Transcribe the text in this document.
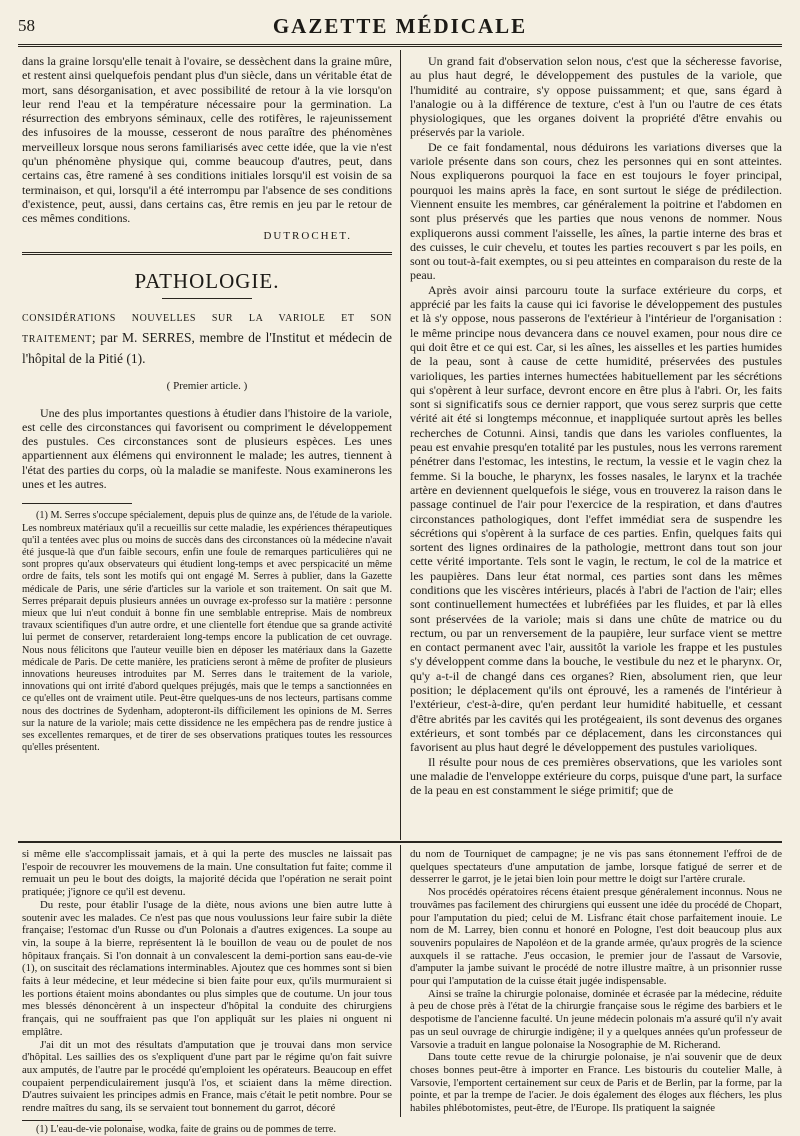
58	GAZETTE MÉDICALE

dans la graine lorsqu'elle tenait à l'ovaire, se dessèchent dans la graine mûre, et restent ainsi quelquefois pendant plus d'un siècle, dans un véritable état de mort, sans désorganisation, et avec possibilité de retour à la vie lorsqu'on leur rend l'eau et la température nécessaire pour la germination. La résurrection des embryons séminaux, celle des rotifères, le rajeunissement des infusoires de la mousse, cesseront de nous paraître des phénomènes merveilleux lorsque nous serons familiarisés avec cette idée, que la vie n'est qu'un phénomène physique qui, comme beaucoup d'autres, peut, dans certains cas, être ramené à ses conditions initiales lorsqu'il est voisin de sa terminaison, et qui, lorsqu'il a été interrompu par l'absence de ses conditions d'existence, peut, aussi, dans certains cas, être remis en jeu par le retour de ces mêmes conditions.

DUTROCHET.
PATHOLOGIE.

CONSIDÉRATIONS NOUVELLES SUR LA VARIOLE ET SON TRAITEMENT; par M. SERRES, membre de l'Institut et médecin de l'hôpital de la Pitié (1).

( Premier article. )

Une des plus importantes questions à étudier dans l'histoire de la variole, est celle des circonstances qui favorisent ou compriment le développement des pustules. Ces circonstances sont de plusieurs espèces. Les unes appartiennent aux élémens qui environnent le malade; les autres, tiennent à l'état des parties du corps, où la maladie se manifeste. Nous examinerons les unes et les autres.

(1) M. Serres s'occupe spécialement, depuis plus de quinze ans, de l'étude de la variole. Les nombreux matériaux qu'il a recueillis sur cette maladie, les expériences thérapeutiques qu'il a tentées avec plus ou moins de succès dans des circonstances où la médecine n'avait été jusque-là que d'un faible secours, enfin une foule de remarques particulières qui ne sont propres qu'aux observateurs qui étudient long-temps et avec perspicacité un même ordre de faits, tels sont les motifs qui ont engagé M. Serres à publier, dans la Gazette médicale de Paris, une série d'articles sur la variole et son traitement. On sait que M. Serres préparait depuis plusieurs années un ouvrage ex-professo sur la matière : personne mieux que lui n'eut conduit à bonne fin une semblable entreprise. Mais de nombreux travaux scientifiques d'un autre ordre, et une clientelle fort étendue que sa grande activité lui permet de conserver, retarderaient long-temps encore la publication de cet ouvrage. Nous nous félicitons que l'auteur veuille bien en déposer les matériaux dans la Gazette médicale de Paris. De cette manière, les praticiens seront à même de profiter de plusieurs innovations heureuses introduites par M. Serres dans le traitement de la variole, innovations qui ont irrité d'abord quelques préjugés, mais que le temps a sanctionnées en ce qu'elles ont de vraiment utile. Peut-être quelques-uns de nos lecteurs, partisans comme nous des doctrines de Sydenham, adopteront-ils difficilement les opinions de M. Serres sur la nature de la variole; mais cette dissidence ne les empêchera pas de rendre justice à ses excellentes remarques, et de tirer de ses observations pratiques toutes les ressources qu'elles présentent.

Un grand fait d'observation selon nous, c'est que la sécheresse favorise, au plus haut degré, le développement des pustules de la variole, que l'humidité au contraire, s'y oppose puissamment; et que, sans égard à l'analogie ou à la différence de texture, c'est à l'un ou l'autre de ces états physiologiques, que les organes doivent la propriété d'être envahis ou préservés par la variole.

De ce fait fondamental, nous déduirons les variations diverses que la variole présente dans son cours, chez les personnes qui en sont atteintes. Nous expliquerons pourquoi la face en est toujours le foyer principal, pourquoi les mains après la face, en sont surtout le siége de prédilection. Viennent ensuite les membres, car généralement la poitrine et l'abdomen en sont plus préservés que les parties que nous venons de nommer. Nous expliquerons aussi comment l'aisselle, les aînes, la partie interne des bras et des cuisses, le cuir chevelu, et toutes les parties recouvert s par les poils, en sont ou tout-à-fait exemptes, ou si peu atteintes en comparaison du reste de la peau.

Après avoir ainsi parcouru toute la surface extérieure du corps, et apprécié par les faits la cause qui ici favorise le développement des pustules et là s'y oppose, nous passerons de l'extérieur à l'intérieur de l'organisation : le même principe nous devancera dans ce nouvel examen, pour nous dire ce qui doit être et ce qui est. Car, si les aînes, les aisselles et les parties humides de la peau, sont à cause de cette humidité, préservées des pustules varioliques, les parties internes humectées habituellement par les sécrétions qui s'opèrent à leur surface, devront encore en être plus à l'abri. Or, les faits sont si significatifs sous ce dernier rapport, que vous serez surpris que cette vérité ait été si longtemps méconnue, et inappliquée surtout après les belles recherches de Cotunni. Ainsi, tandis que dans les varioles confluentes, la peau est envahie presqu'en totalité par les pustules, nous les verrons rarement pénétrer dans l'estomac, les intestins, le rectum, la vessie et le vagin chez la femme. Si la bouche, le pharynx, les fosses nasales, le larynx et la trachée artère en deviennent quelquefois le siége, vous en trouverez la raison dans le passage continuel de l'air pour l'exercice de la respiration, et dans d'autres circonstances pathologiques, dont l'effet immédiat sera de suspendre les sécrétions qui s'opèrent à la surface de ces parties. Enfin, quelques faits qui sortent des lignes ordinaires de la pathologie, mettront dans tout son jour cette vérité importante. Tels sont le vagin, le rectum, le col de la matrice et les paupières. Dans leur état normal, ces parties sont dans les mêmes conditions que les viscères intérieurs, placés à l'abri de l'action de l'air; elles sont continuellement humectées et lubréfiées par les fluides, et par là elles sont préservées de la variole; mais si dans une chûte de matrice ou du rectum, ou par un renversement de la paupière, leur surface vient se mettre en contact permanent avec l'air, aussitôt la variole les frappe et les pustules s'y développent comme dans la bouche, le vestibule du nez et le pharynx. Or, qu'y a-t-il de changé dans ces organes? Rien, absolument rien, que leur position; le déplacement qu'ils ont éprouvé, les a ramenés de l'intérieur à l'extérieur, c'est-à-dire, qu'en perdant leur humidité habituelle, et cessant d'être abrités par les cavités qui les protégeaient, ils sont devenus des organes extérieurs, et sont tombés par ce déplacement, dans les circonstances qui favorisent au plus haut degré le développement des pustules varioliques.

Il résulte pour nous de ces premières observations, que les varioles sont une maladie de l'enveloppe extérieure du corps, puisque d'une part, la surface de la peau en est constamment le siége primitif; que de

si même elle s'accomplissait jamais, et à qui la perte des muscles ne laissait pas l'espoir de recouvrer les mouvemens de la main. Une consultation fut faite; comme il remuait un peu le bout des doigts, la majorité décida que l'opération ne serait point pratiquée; j'ignore ce qu'il est devenu.

Du reste, pour établir l'usage de la diète, nous avions une bien autre lutte à soutenir avec les malades. Ce n'est pas que nous voulussions leur faire subir la diète française; l'estomac d'un Russe ou d'un Polonais a d'autres exigences. La soupe au vin, la soupe à la bierre, représentent là le bouillon de veau ou de poulet de nos hôpitaux français. Si l'on donnait à un convalescent la demi-portion sans eau-de-vie (1), on suscitait des réclamations interminables. Ajoutez que ces hommes sont si bien faits à leur médecine, et leur médecine si bien faite pour eux, qu'ils murmuraient si les portions étaient moins abondantes ou plus simples que de coutume. Un jour tous mes blessés dénoncèrent à un inspecteur d'hôpital la conduite des chirurgiens français, qui ne souffraient pas que l'on appliquât sur les plaies ni onguent ni emplâtre.

J'ai dit un mot des résultats d'amputation que je trouvai dans mon service d'hôpital. Les saillies des os s'expliquent d'une part par le régime qu'on fait suivre aux amputés, de l'autre par le procédé qu'emploient les opérateurs. Beaucoup en effet coupaient perpendiculairement jusqu'à l'os, et sciaient dans la même direction. D'autres suivaient les principes admis en France, mais c'était le petit nombre. Pour se rendre maîtres du sang, ils se servaient tout bonnement du garrot, décoré

(1) L'eau-de-vie polonaise, wodka, faite de grains ou de pommes de terre.

du nom de Tourniquet de campagne; je ne vis pas sans étonnement l'effroi de de quelques spectateurs d'une amputation de jambe, lorsque fatigué de serrer et de desserrer le garrot, je le jetai bien loin pour mettre le doigt sur l'artère crurale.

Nos procédés opératoires récens étaient presque généralement inconnus. Nous ne trouvâmes pas facilement des chirurgiens qui eussent une idée du procédé de Chopart, pour l'amputation du pied; celui de M. Lisfranc était chose parfaitement inouie. Le nom de M. Larrey, bien connu et honoré en Pologne, l'est doit beaucoup plus aux souvenirs populaires de Napoléon et de la grande armée, qu'aux progrès de la science auxquels il se rattache. J'eus occasion, le premier jour de l'assaut de Varsovie, d'amputer la jambe suivant le procédé de notre illustre maître, à un prisonnier russe pour qui l'amputation de la cuisse était jugée indispensable.

Ainsi se traîne la chirurgie polonaise, dominée et écrasée par la médecine, réduite à peu de chose près à l'état de la chirurgie française sous le régime des barbiers et le despotisme de l'ancienne faculté. Un jeune médecin polonais m'a assuré qu'il n'y avait pas un seul ouvrage de chirurgie indigène; il y a quelques années qu'un professeur de Varsovie a traduit en langue polonaise la Nosographie de M. Richerand.

Dans toute cette revue de la chirurgie polonaise, je n'ai souvenir que de deux choses bonnes peut-être à importer en France. Les bistouris du coutelier Malle, à Varsovie, l'emportent certainement sur ceux de Paris et de Berlin, par la forme, par la pointe, et par la trempe de l'acier. Je dois également des éloges aux fléchers, les plus habiles phlébotomistes, peut-être, de l'Europe. Ils pratiquent la saignée
